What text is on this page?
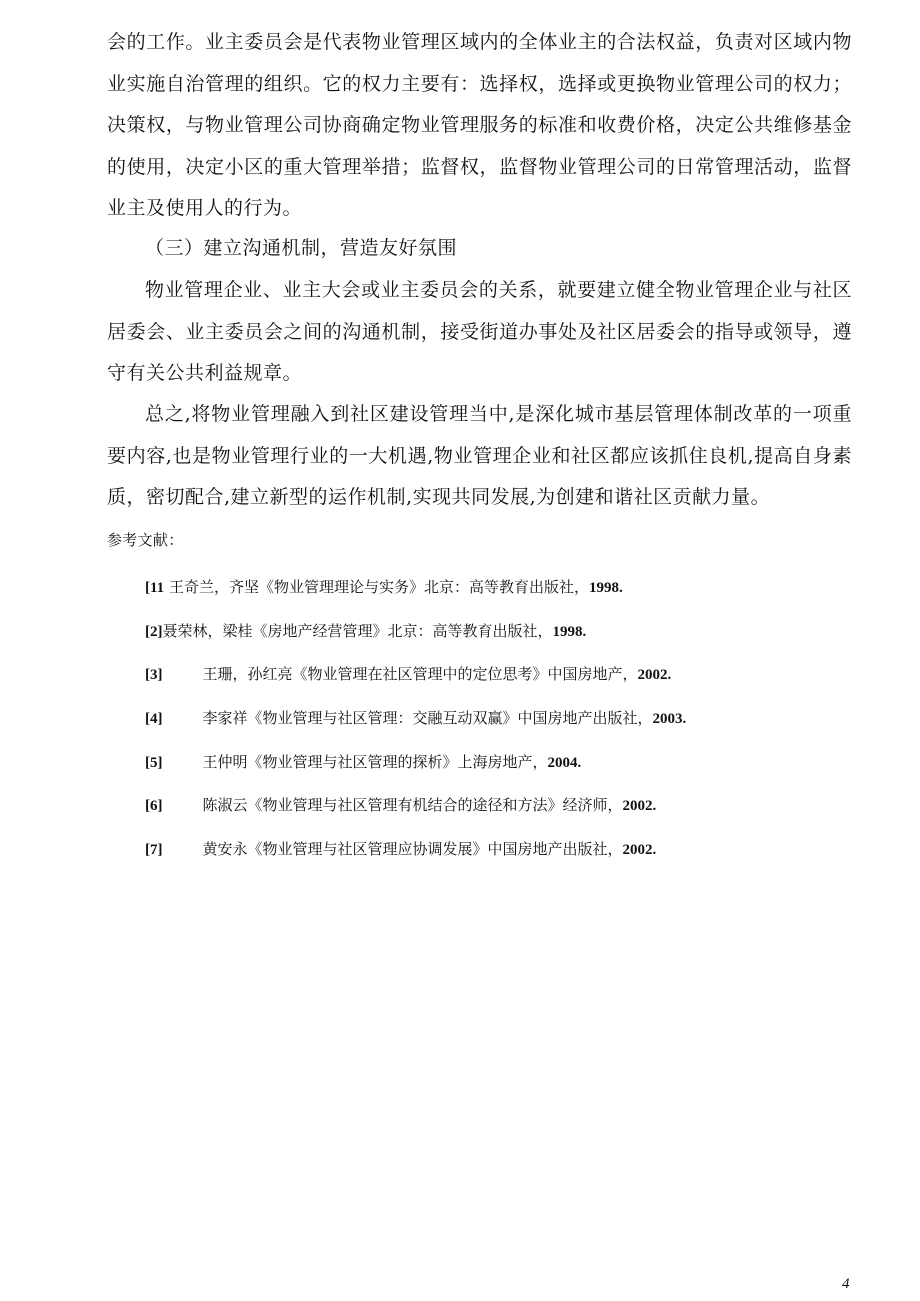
会的工作。业主委员会是代表物业管理区域内的全体业主的合法权益，负责对区域内物业实施自治管理的组织。它的权力主要有：选择权，选择或更换物业管理公司的权力；决策权，与物业管理公司协商确定物业管理服务的标准和收费价格，决定公共维修基金的使用，决定小区的重大管理举措；监督权，监督物业管理公司的日常管理活动，监督业主及使用人的行为。

（三）建立沟通机制，营造友好氛围

物业管理企业、业主大会或业主委员会的关系，就要建立健全物业管理企业与社区居委会、业主委员会之间的沟通机制，接受街道办事处及社区居委会的指导或领导，遵守有关公共利益规章。

总之,将物业管理融入到社区建设管理当中,是深化城市基层管理体制改革的一项重要内容,也是物业管理行业的一大机遇,物业管理企业和社区都应该抓住良机,提高自身素质，密切配合,建立新型的运作机制,实现共同发展,为创建和谐社区贡献力量。

参考文献：
[11 王奇兰，齐坚《物业管理理论与实务》北京：高等教育出版社，1998.
[2]聂荣林，梁桂《房地产经营管理》北京：高等教育出版社，1998.
[3]	王珊，孙红亮《物业管理在社区管理中的定位思考》中国房地产，2002.
[4]	李家祥《物业管理与社区管理：交融互动双赢》中国房地产出版社，2003.
[5]	王仲明《物业管理与社区管理的探析》上海房地产，2004.
[6]	陈淑云《物业管理与社区管理有机结合的途径和方法》经济师，2002.
[7]	黄安永《物业管理与社区管理应协调发展》中国房地产出版社，2002.
4
